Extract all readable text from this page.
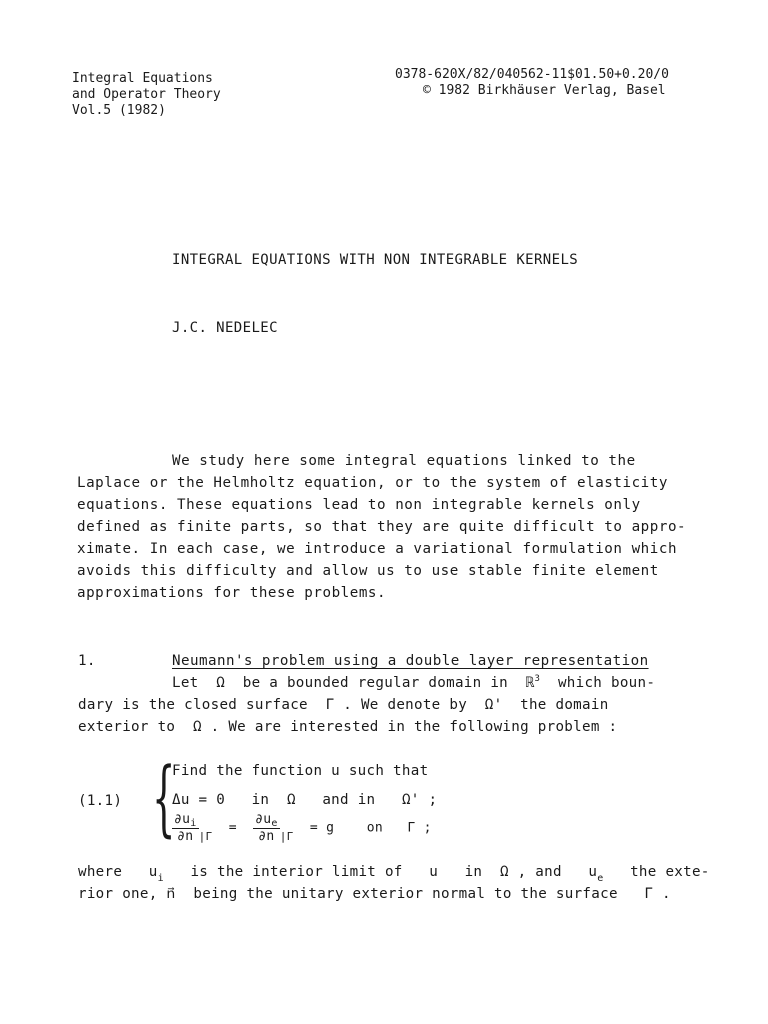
Integral Equations
and Operator Theory
Vol.5 (1982)
0378-620X/82/040562-11$01.50+0.20/0
© 1982 Birkhäuser Verlag, Basel
INTEGRAL EQUATIONS WITH NON INTEGRABLE KERNELS
J.C. NEDELEC
We study here some integral equations linked to the
Laplace or the Helmholtz equation, or to the system of elasticity
equations. These equations lead to non integrable kernels only
defined as finite parts, so that they are quite difficult to appro-
ximate. In each case, we introduce a variational formulation which
avoids this difficulty and allow us to use stable finite element
approximations for these problems.
1.	Neumann's problem using a double layer representation
Let Ω be a bounded regular domain in ℝ$^3$ which boun-
dary is the closed surface Γ . We denote by Ω' the domain
exterior to Ω . We are interested in the following problem :
(1.1) {
Find the function u such that
Δu = 0 in Ω and in Ω' ;
$\frac{\partial u_i}{\partial n} _{|\Gamma} = \frac{\partial u_e}{\partial n} _{|\Gamma} = g$	on Γ ;
where $u_i$ is the interior limit of u in Ω , and $u_e$ the exte-
rior one, n⃗ being the unitary exterior normal to the surface Γ .
